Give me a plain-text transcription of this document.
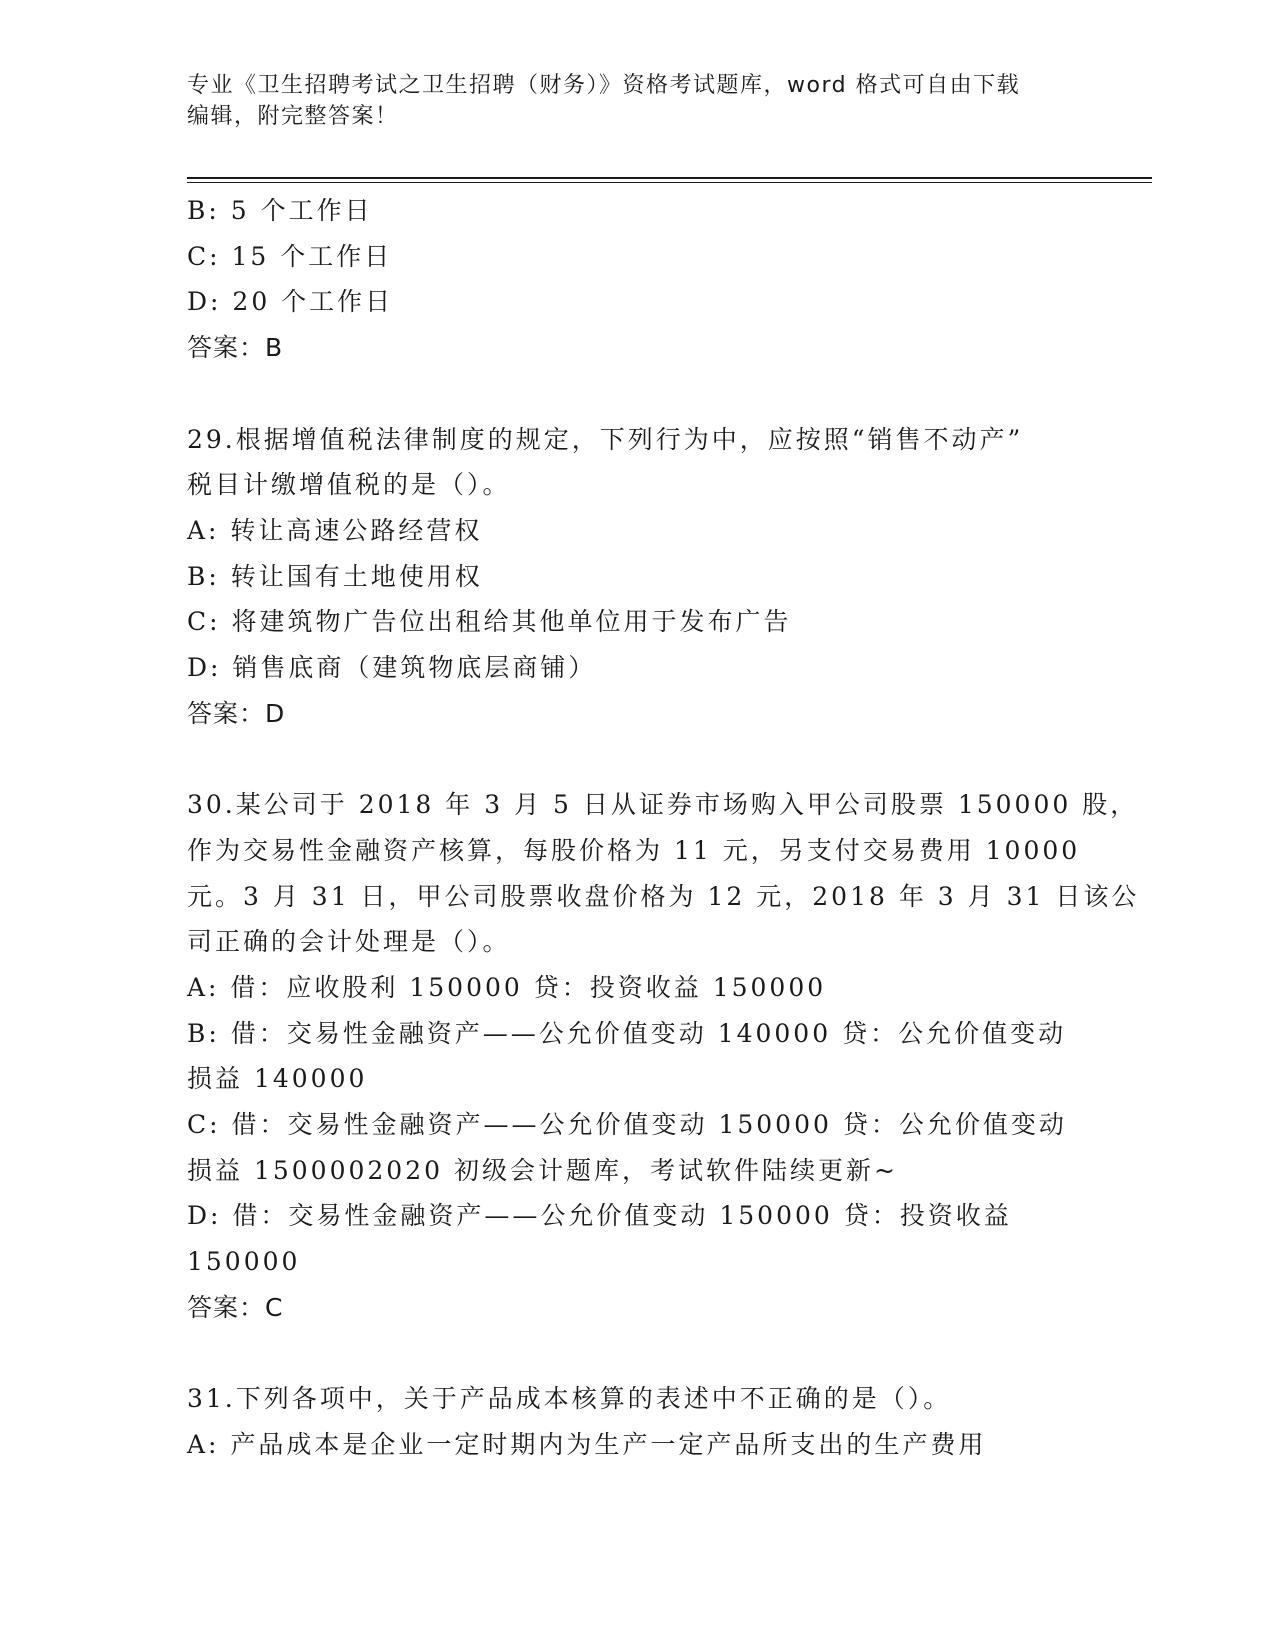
专业《卫生招聘考试之卫生招聘（财务）》资格考试题库，word 格式可自由下载
编辑，附完整答案！
B: 5 个工作日
C: 15 个工作日
D: 20 个工作日
答案：B
29.根据增值税法律制度的规定，下列行为中，应按照“销售不动产”
税目计缴增值税的是（）。
A: 转让高速公路经营权
B: 转让国有土地使用权
C: 将建筑物广告位出租给其他单位用于发布广告
D: 销售底商（建筑物底层商铺）
答案：D
30.某公司于 2018 年 3 月 5 日从证券市场购入甲公司股票 150000 股，
作为交易性金融资产核算，每股价格为 11 元，另支付交易费用 10000
元。3 月 31 日，甲公司股票收盘价格为 12 元，2018 年 3 月 31 日该公
司正确的会计处理是（）。
A: 借：应收股利 150000 贷：投资收益 150000
B: 借：交易性金融资产——公允价值变动 140000 贷：公允价值变动
损益 140000
C: 借：交易性金融资产——公允价值变动 150000 贷：公允价值变动
损益 1500002020 初级会计题库，考试软件陆续更新~
D: 借：交易性金融资产——公允价值变动 150000 贷：投资收益
150000
答案：C
31.下列各项中，关于产品成本核算的表述中不正确的是（）。
A: 产品成本是企业一定时期内为生产一定产品所支出的生产费用
